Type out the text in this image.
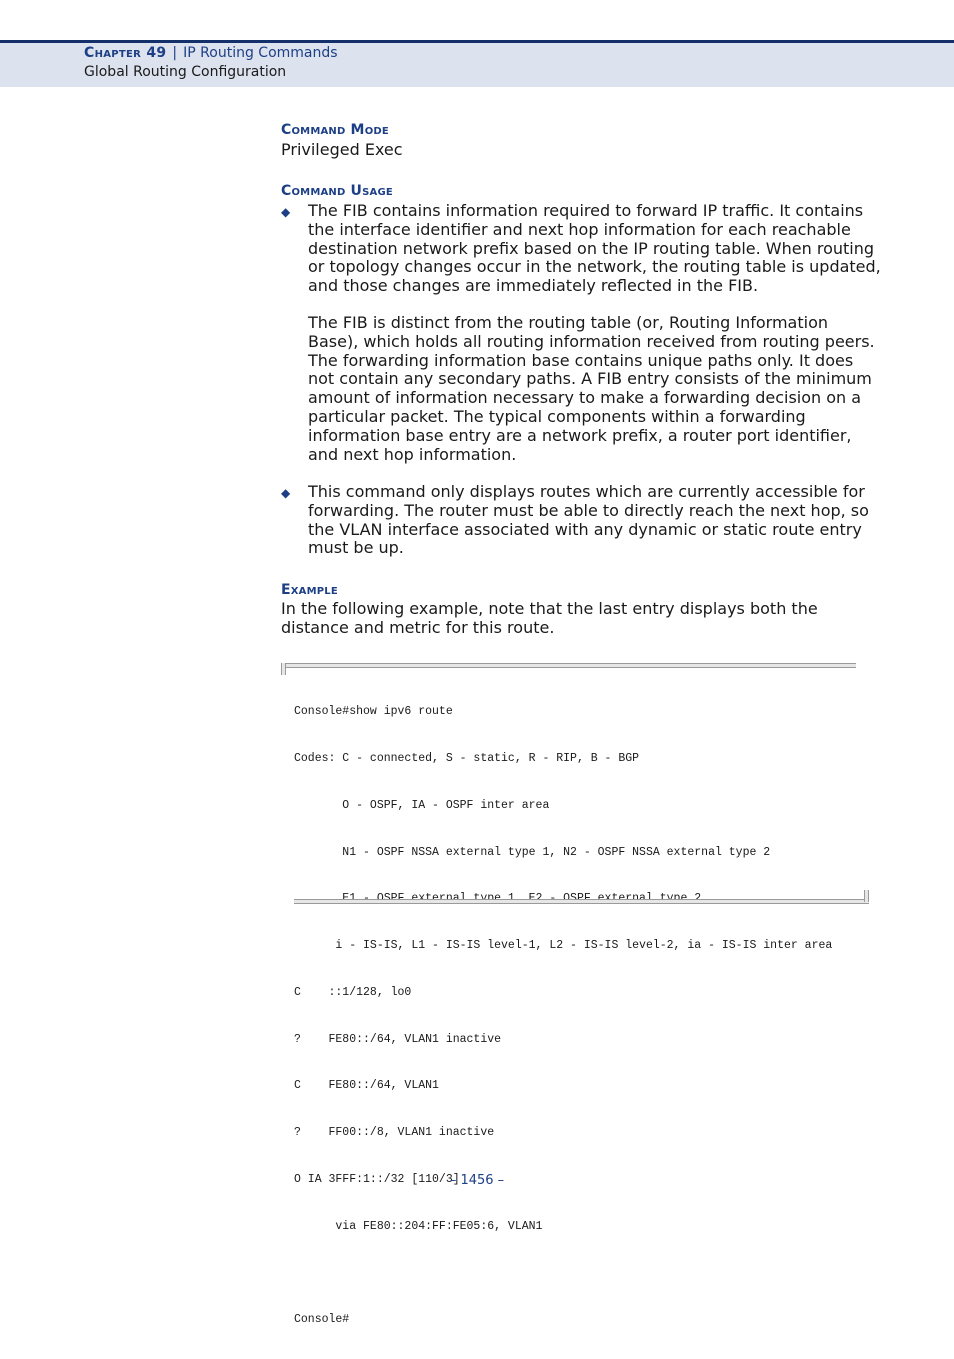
Chapter 49 | IP Routing Commands
Global Routing Configuration
Command Mode
Privileged Exec
Command Usage
◆ The FIB contains information required to forward IP traffic. It contains the interface identifier and next hop information for each reachable destination network prefix based on the IP routing table. When routing or topology changes occur in the network, the routing table is updated, and those changes are immediately reflected in the FIB.
The FIB is distinct from the routing table (or, Routing Information Base), which holds all routing information received from routing peers. The forwarding information base contains unique paths only. It does not contain any secondary paths. A FIB entry consists of the minimum amount of information necessary to make a forwarding decision on a particular packet. The typical components within a forwarding information base entry are a network prefix, a router port identifier, and next hop information.
◆ This command only displays routes which are currently accessible for forwarding. The router must be able to directly reach the next hop, so the VLAN interface associated with any dynamic or static route entry must be up.
Example
In the following example, note that the last entry displays both the distance and metric for this route.

Console#show ipv6 route

Codes: C - connected, S - static, R - RIP, B - BGP

O - OSPF, IA - OSPF inter area

N1 - OSPF NSSA external type 1, N2 - OSPF NSSA external type 2

i - IS-IS, L1 - IS-IS level-1, L2 - IS-IS level-2, ia - IS-IS inter area

C    ::1/128, lo0

?    FE80::/64, VLAN1 inactive

C    FE80::/64, VLAN1

?    FF00::/8, VLAN1 inactive

O IA 3FFF:1::/32 [110/3]

via FE80::204:FF:FE05:6, VLAN1

Console#

– 1456 –
